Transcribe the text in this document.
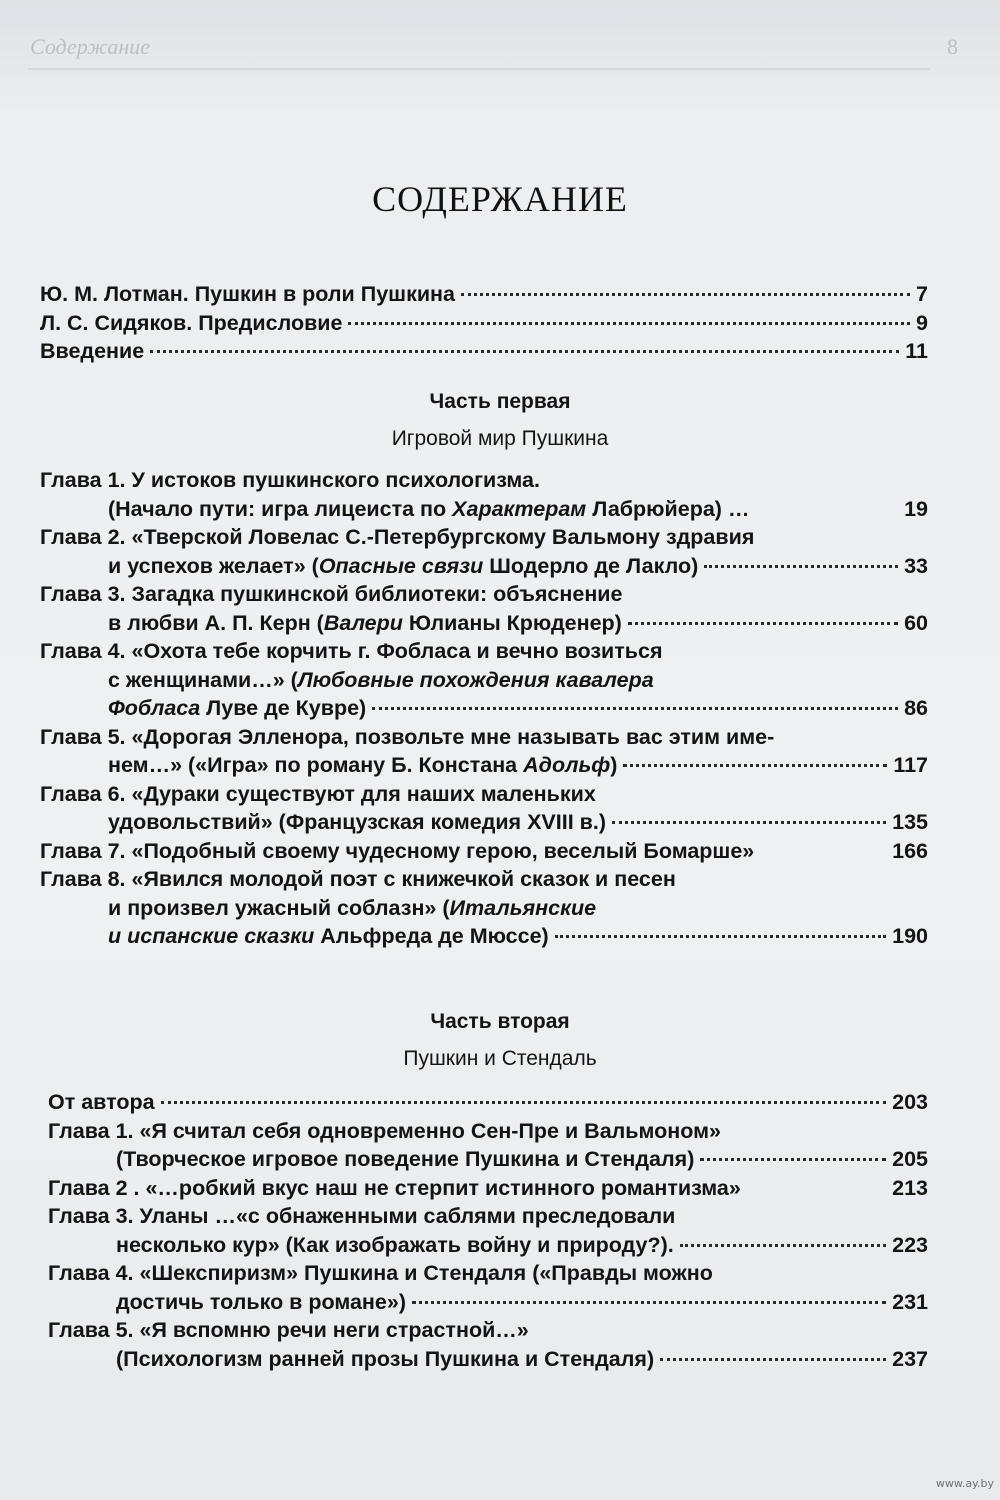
Содержание	8
СОДЕРЖАНИЕ
Ю. М. Лотман. Пушкин в роли Пушкина	7
Л. С. Сидяков. Предисловие	9
Введение	11
Часть первая
Игровой мир Пушкина
Глава 1. У истоков пушкинского психологизма.
(Начало пути: игра лицеиста по Характерам Лабрюйера) …	19
Глава 2. «Тверской Ловелас С.-Петербургскому Вальмону здравия
и успехов желает» (Опасные связи Шодерло де Лакло)	33
Глава 3. Загадка пушкинской библиотеки: объяснение
в любви А. П. Керн (Валери Юлианы Крюденер)	60
Глава 4. «Охота тебе корчить г. Фобласа и вечно возиться
с женщинами…» (Любовные похождения кавалера
Фобласа Луве де Кувре)	86
Глава 5. «Дорогая Элленора, позвольте мне называть вас этим име-
нем…» («Игра» по роману Б. Констана Адольф)	117
Глава 6. «Дураки существуют для наших маленьких
удовольствий» (Французская комедия XVIII в.)	135
Глава 7. «Подобный своему чудесному герою, веселый Бомарше»	166
Глава 8. «Явился молодой поэт с книжечкой сказок и песен
и произвел ужасный соблазн» (Итальянские
и испанские сказки Альфреда де Мюссе)	190
Часть вторая
Пушкин и Стендаль
От автора	203
Глава 1. «Я считал себя одновременно Сен-Пре и Вальмоном»
(Творческое игровое поведение Пушкина и Стендаля)	205
Глава 2 . «…робкий вкус наш не стерпит истинного романтизма»	213
Глава 3. Уланы …«с обнаженными саблями преследовали
несколько кур» (Как изображать войну и природу?).	223
Глава 4. «Шекспиризм» Пушкина и Стендаля («Правды можно
достичь только в романе»)	231
Глава 5. «Я вспомню речи неги страстной…»
(Психологизм ранней прозы Пушкина и Стендаля)	237
www.ay.by
